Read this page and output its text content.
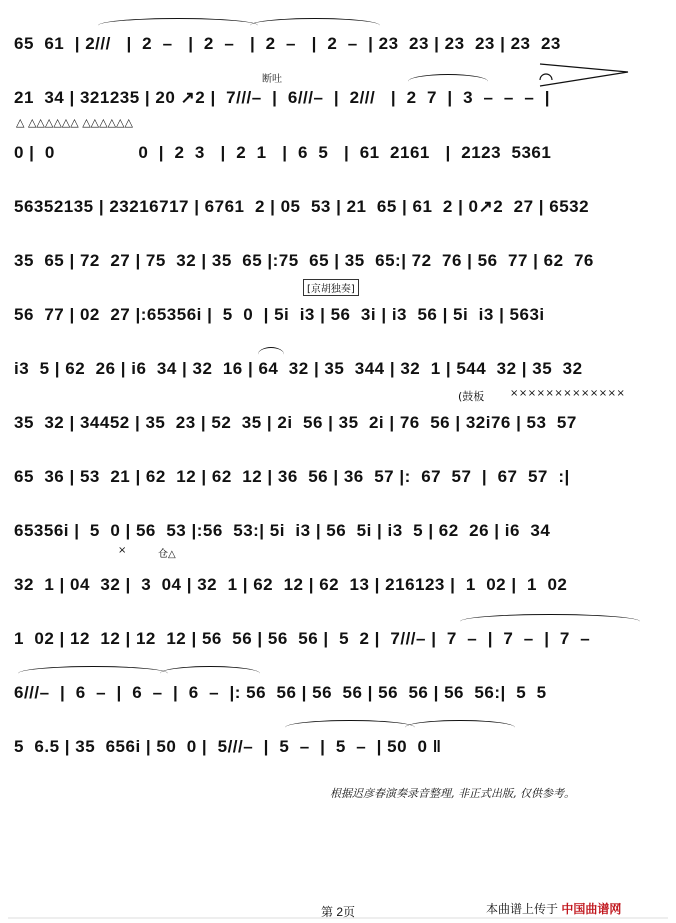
65  61  | 2///   |  2  –   |  2  –   |  2  –   |  2  –  | 23  23 | 23  23 | 23  23
21  34 | 321235 | 20 ↗2 |  7///–  |  6///–  |  2///   |  2  7  |  3  –  –  –  |
0 |  0                0  |  2  3   |  2  1   |  6  5   |  61  2161   |  2123  5361
56352135 | 23216717 | 6761  2 | 05  53 | 21  65 | 61  2 | 0↗2  27 | 6532
35  65 | 72  27 | 75  32 | 35  65 |:75  65 | 35  65:| 72  76 | 56  77 | 62  76
56  77 | 02  27 |:65356i |  5  0  | 5i  i3 | 56  3i | i3  56 | 5i  i3 | 563i
i3  5 | 62  26 | i6  34 | 32  16 | 64  32 | 35  344 | 32  1 | 544  32 | 35  32
35  32 | 34452 | 35  23 | 52  35 | 2i  56 | 35  2i | 76  56 | 32i76 | 53  57
65  36 | 53  21 | 62  12 | 62  12 | 36  56 | 36  57 |:  67  57  |  67  57  :|
65356i |  5  0 | 56  53 |:56  53:| 5i  i3 | 56  5i | i3  5 | 62  26 | i6  34
32  1 | 04  32 |  3  04 | 32  1 | 62  12 | 62  13 | 216123 |  1  02 |  1  02
1  02 | 12  12 | 12  12 | 56  56 | 56  56 |  5  2 |  7///– |  7  –  |  7  –  |  7  –
6///–  |  6  –  |  6  –  |  6  –  |: 56  56 | 56  56 | 56  56 | 56  56:|  5  5
5  6.5 | 35  656i | 50  0 |  5///–  |  5  –  |  5  –  | 50  0 ‖
断吐
△ △△△△△△ △△△△△△
[京胡独奏]
(鼓板	×××××××××××××
仓△
×
根据迟彦春演奏录音整理, 非正式出版, 仅供参考。
第 2页	本曲谱上传于 中国曲谱网
